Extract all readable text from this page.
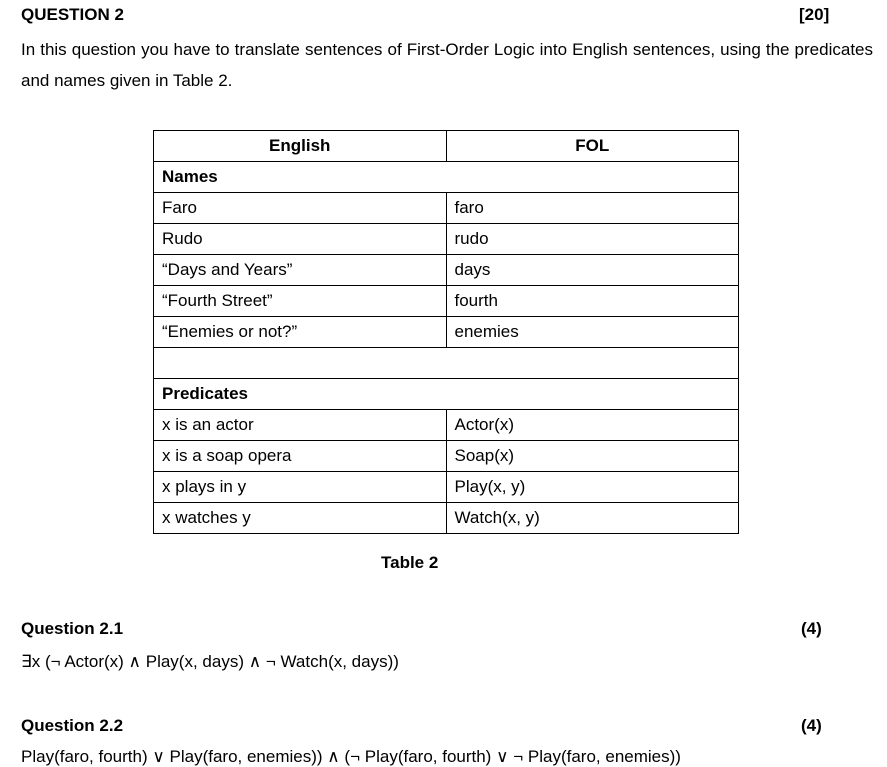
QUESTION 2	[20]
In this question you have to translate sentences of First-Order Logic into English sentences, using the predicates and names given in Table 2.
English	FOL
Names	
Faro	faro
Rudo	rudo
“Days and Years”	days
“Fourth Street”	fourth
“Enemies or not?”	enemies

Predicates	
x is an actor	Actor(x)
x is a soap opera	Soap(x)
x plays in y	Play(x, y)
x watches y	Watch(x, y)
Table 2
Question 2.1	(4)
∃x (¬ Actor(x) ∧ Play(x, days) ∧ ¬ Watch(x, days))
Question 2.2	(4)
Play(faro, fourth) ∨ Play(faro, enemies)) ∧ (¬ Play(faro, fourth) ∨ ¬ Play(faro, enemies))
